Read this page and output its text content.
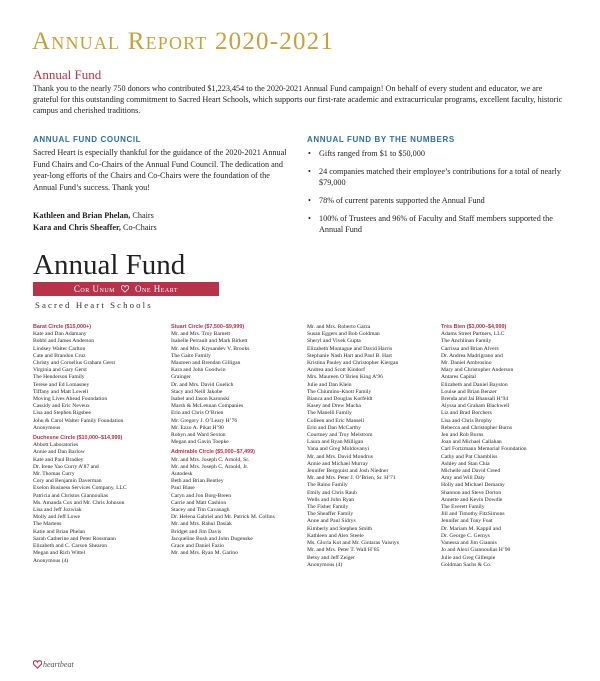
Annual Report 2020-2021
Annual Fund
Thank you to the nearly 750 donors who contributed $1,223,454 to the 2020-2021 Annual Fund campaign! On behalf of every student and educator, we are grateful for this outstanding commitment to Sacred Heart Schools, which supports our first-rate academic and extracurricular programs, excellent faculty, historic campus and cherished traditions.
ANNUAL FUND COUNCIL
Sacred Heart is especially thankful for the guidance of the 2020-2021 Annual Fund Chairs and Co-Chairs of the Annual Fund Council. The dedication and year-long efforts of the Chairs and Co-Chairs were the foundation of the Annual Fund’s success. Thank you!
Kathleen and Brian Phelan, Chairs
Kara and Chris Sheaffer, Co-Chairs
ANNUAL FUND BY THE NUMBERS
• Gifts ranged from $1 to $50,000
• 24 companies matched their employee’s contributions for a total of nearly $79,000
• 78% of current parents supported the Annual Fund
• 100% of Trustees and 96% of Faculty and Staff members supported the Annual Fund
Annual Fund
Cor Unum One Heart
Sacred Heart Schools
Barat Circle ($15,000+)
Kate and Dan Adamany
Bobbi and James Anderson
Lindsey Walter Carlton
Cate and Brandon Cruz
Christy and Cornelius Graham Gerst
Virginia and Gary Gerst
The Henderson Family
Terese and Ed Lomasney
Tiffany and Matt Lowell
Moving Lives Ahead Foundation
Cassidy and Eric Neveux
Lisa and Stephen Rigsbee
John & Carol Walter Family Foundation
Anonymous
Duchesne Circle ($10,000–$14,999)
Abbott Laboratories
Annie and Dan Barlow
Kate and Paul Bradley
Dr. Irene Yao Curry A’87 and
Mr. Thomas Curry
Cory and Benjamin Daverman
Exelon Business Services Company, LLC
Patricia and Christos Giannoulias
Ms. Amanda Cox and Mr. Chris Johnson
Lisa and Jeff Jozwiak
Molly and Jeff Lowe
The Martens
Katie and Brian Phelan
Sarah Catherine and Peter Rossmann
Elizabeth and C. Carson Shearon
Megan and Rich Wittel
Anonymous (4)
Stuart Circle ($7,500–$9,999)
Mr. and Mrs. Troy Barnett
Isabelle Perrault and Mark Birkett
Mr. and Mrs. Krysandev V. Brooks
The Gaito Family
Maureen and Brendan Gilligan
Kara and John Goodwin
Grainger
Dr. and Mrs. David Guelich
Stacy and Neill Jakobe
Isabel and Jason Karonski
Marsh & McLennan Companies
Erin and Chris O’Brien
Mr. Gregory J. O’Leary H’76
Mr. Ezzo A. Pikat H’90
Robyn and Ward Sexton
Megan and Gavin Toepke
Admirable Circle ($5,000–$7,499)
Mr. and Mrs. Joseph C. Arnold, Sr.
Mr. and Mrs. Joseph C. Arnold, Jr.
Autodesk
Beth and Brian Bentley
Paul Blase
Caryn and Jon Borg-Breen
Carrie and Matt Cashion
Stacey and Tim Cavanagh
Dr. Helena Gabriel and Mr. Patrick M. Collins
Mr. and Mrs. Rahul Dasiak
Bridget and Jim Davis
Jacqueline Bush and John Dugenske
Grace and Daniel Fazio
Mr. and Mrs. Ryan M. Garino
Mr. and Mrs. Roberto Garza
Susan Eggers and Bob Goldman
Sheryl and Vivek Gupta
Elizabeth Montague and David Harris
Stephanie Nash Hart and Paul B. Hart
Kristina Pauley and Christopher Kiergan
Andrea and Scott Kindorf
Mrs. Maureen O’Brien King A’96
Julie and Dan Klein
The Chiumino-Knott Family
Bianca and Douglas Korfeldt
Kasey and Drew Macha
The Manelli Family
Colleen and Eric Mansell
Erin and Dan McCarthy
Courtney and Troy Melstrom
Laura and Ryan Milligan
Yana and Greg Moldovanyi
Mr. and Mrs. David Mondrus
Annie and Michael Murray
Jennifer Bergquist and Josh Niedner
Mr. and Mrs. Peter J. O’Brien, Sr. H’71
The Raino Family
Emily and Chris Raub
Wells and John Ryan
The Fisher Family
The Sheaffer Family
Anne and Paul Sidrys
Kimberly and Stephen Smith
Kathleen and Alex Steele
Ms. Gloria Kot and Mr. Gintaras Vaisnys
Mr. and Mrs. Peter T. Wall H’85
Betsy and Jeff Zeiger
Anonymous (4)
Très Bien ($3,000–$4,999)
Adams Street Partners, LLC
The Anchlinan Family
Carrissa and Brian Alvers
Dr. Andrea Madrigrano and
Mr. Daniel Ambrosino
Mary and Christopher Anderson
Antares Capital
Elizabeth and Daniel Bayston
Louise and Brian Benzer
Brenda and Jai Bhansali H’94
Alyssa and Graham Blackwell
Liz and Brad Borchers
Lisa and Chris Brophy
Rebecca and Christopher Burns
Jen and Rob Burns
Joan and Michael Callahan
Carl Fortzmann Memorial Foundation
Cathy and Pat Chambliss
Ashley and Stan Chia
Michelle and David Creed
Amy and Will Daly
Holly and Michael Demaray
Shannon and Steve Dorton
Annette and Kevin Dowdle
The Everett Family
Jill and Timothy FitzSimons
Jennifer and Tony Foat
Dr. Mariam M. Kappil and
Dr. George C. Gernys
Vanessa and Jim Giannis
Jo and Alexi Giannoulias H’90
Julie and Greg Gillespie
Goldman Sachs & Co.
heartbeat
